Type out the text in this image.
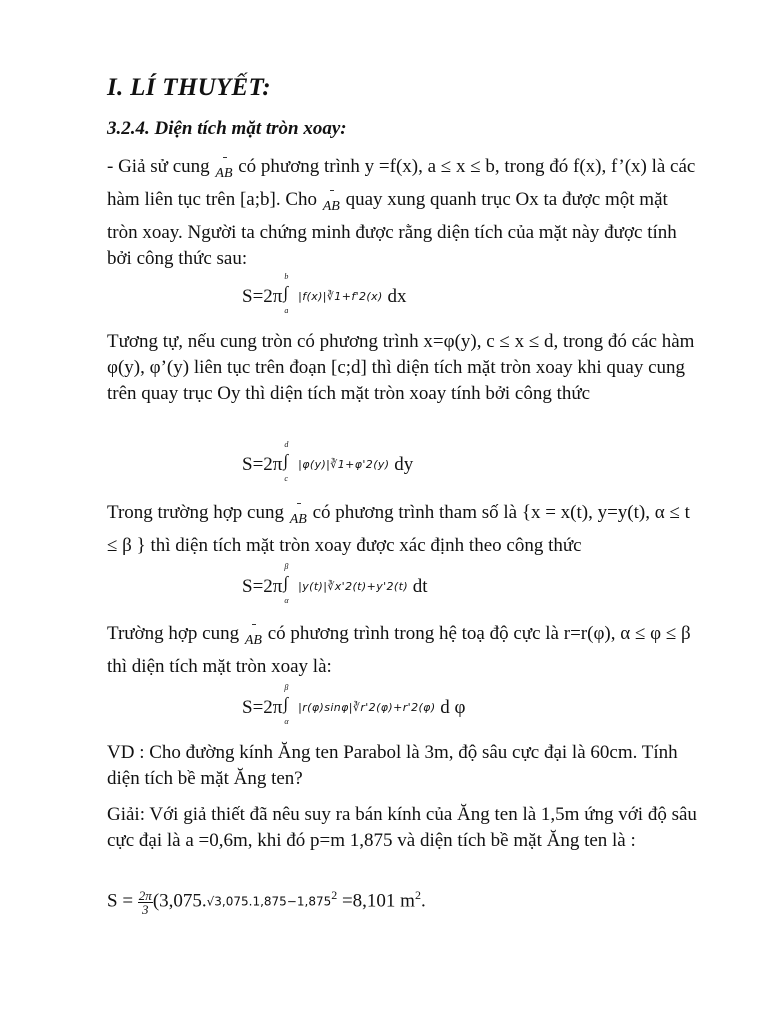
I. LÍ THUYẾT:
3.2.4. Diện tích mặt tròn xoay:
- Giả sử cung AB có phương trình y =f(x), a ≤ x ≤ b, trong đó f(x), f’(x) là các hàm liên tục trên [a;b]. Cho AB quay xung quanh trục Ox ta được một mặt tròn xoay. Người ta chứng minh được rằng diện tích của mặt này được tính bởi công thức sau:
S=2π
b
∫
a
|f(x)|∛1+f'2(x) dx
Tương tự, nếu cung tròn có phương trình x=φ(y), c ≤ x ≤ d, trong đó các hàm φ(y), φ’(y) liên tục trên đoạn [c;d] thì diện tích mặt tròn xoay khi quay cung trên quay trục Oy thì diện tích mặt tròn xoay tính bởi công thức
S=2π
d
∫
c
|φ(y)|∛1+φ'2(y) dy
Trong trường hợp cung AB có phương trình tham số là {x = x(t), y=y(t), α ≤ t ≤ β } thì diện tích mặt tròn xoay được xác định theo công thức
S=2π
β
∫
α
|y(t)|∛x'2(t)+y'2(t) dt
Trường hợp cung AB có phương trình trong hệ toạ độ cực là r=r(φ), α ≤ φ ≤ β thì diện tích mặt tròn xoay là:
S=2π
β
∫
α
|r(φ)sinφ|∛r'2(φ)+r'2(φ) d φ
VD : Cho đường kính Ăng ten Parabol là 3m, độ sâu cực đại là 60cm. Tính diện tích bề mặt Ăng ten?
Giải: Với giả thiết đã nêu suy ra bán kính của Ăng ten là 1,5m ứng với độ sâu cực đại là a =0,6m, khi đó p=m 1,875 và diện tích bề mặt Ăng ten là :
$S = \frac{2\pi}{3} (3,075.√3,075.1,875-1,875^2 =8,101$ $m^2$.
